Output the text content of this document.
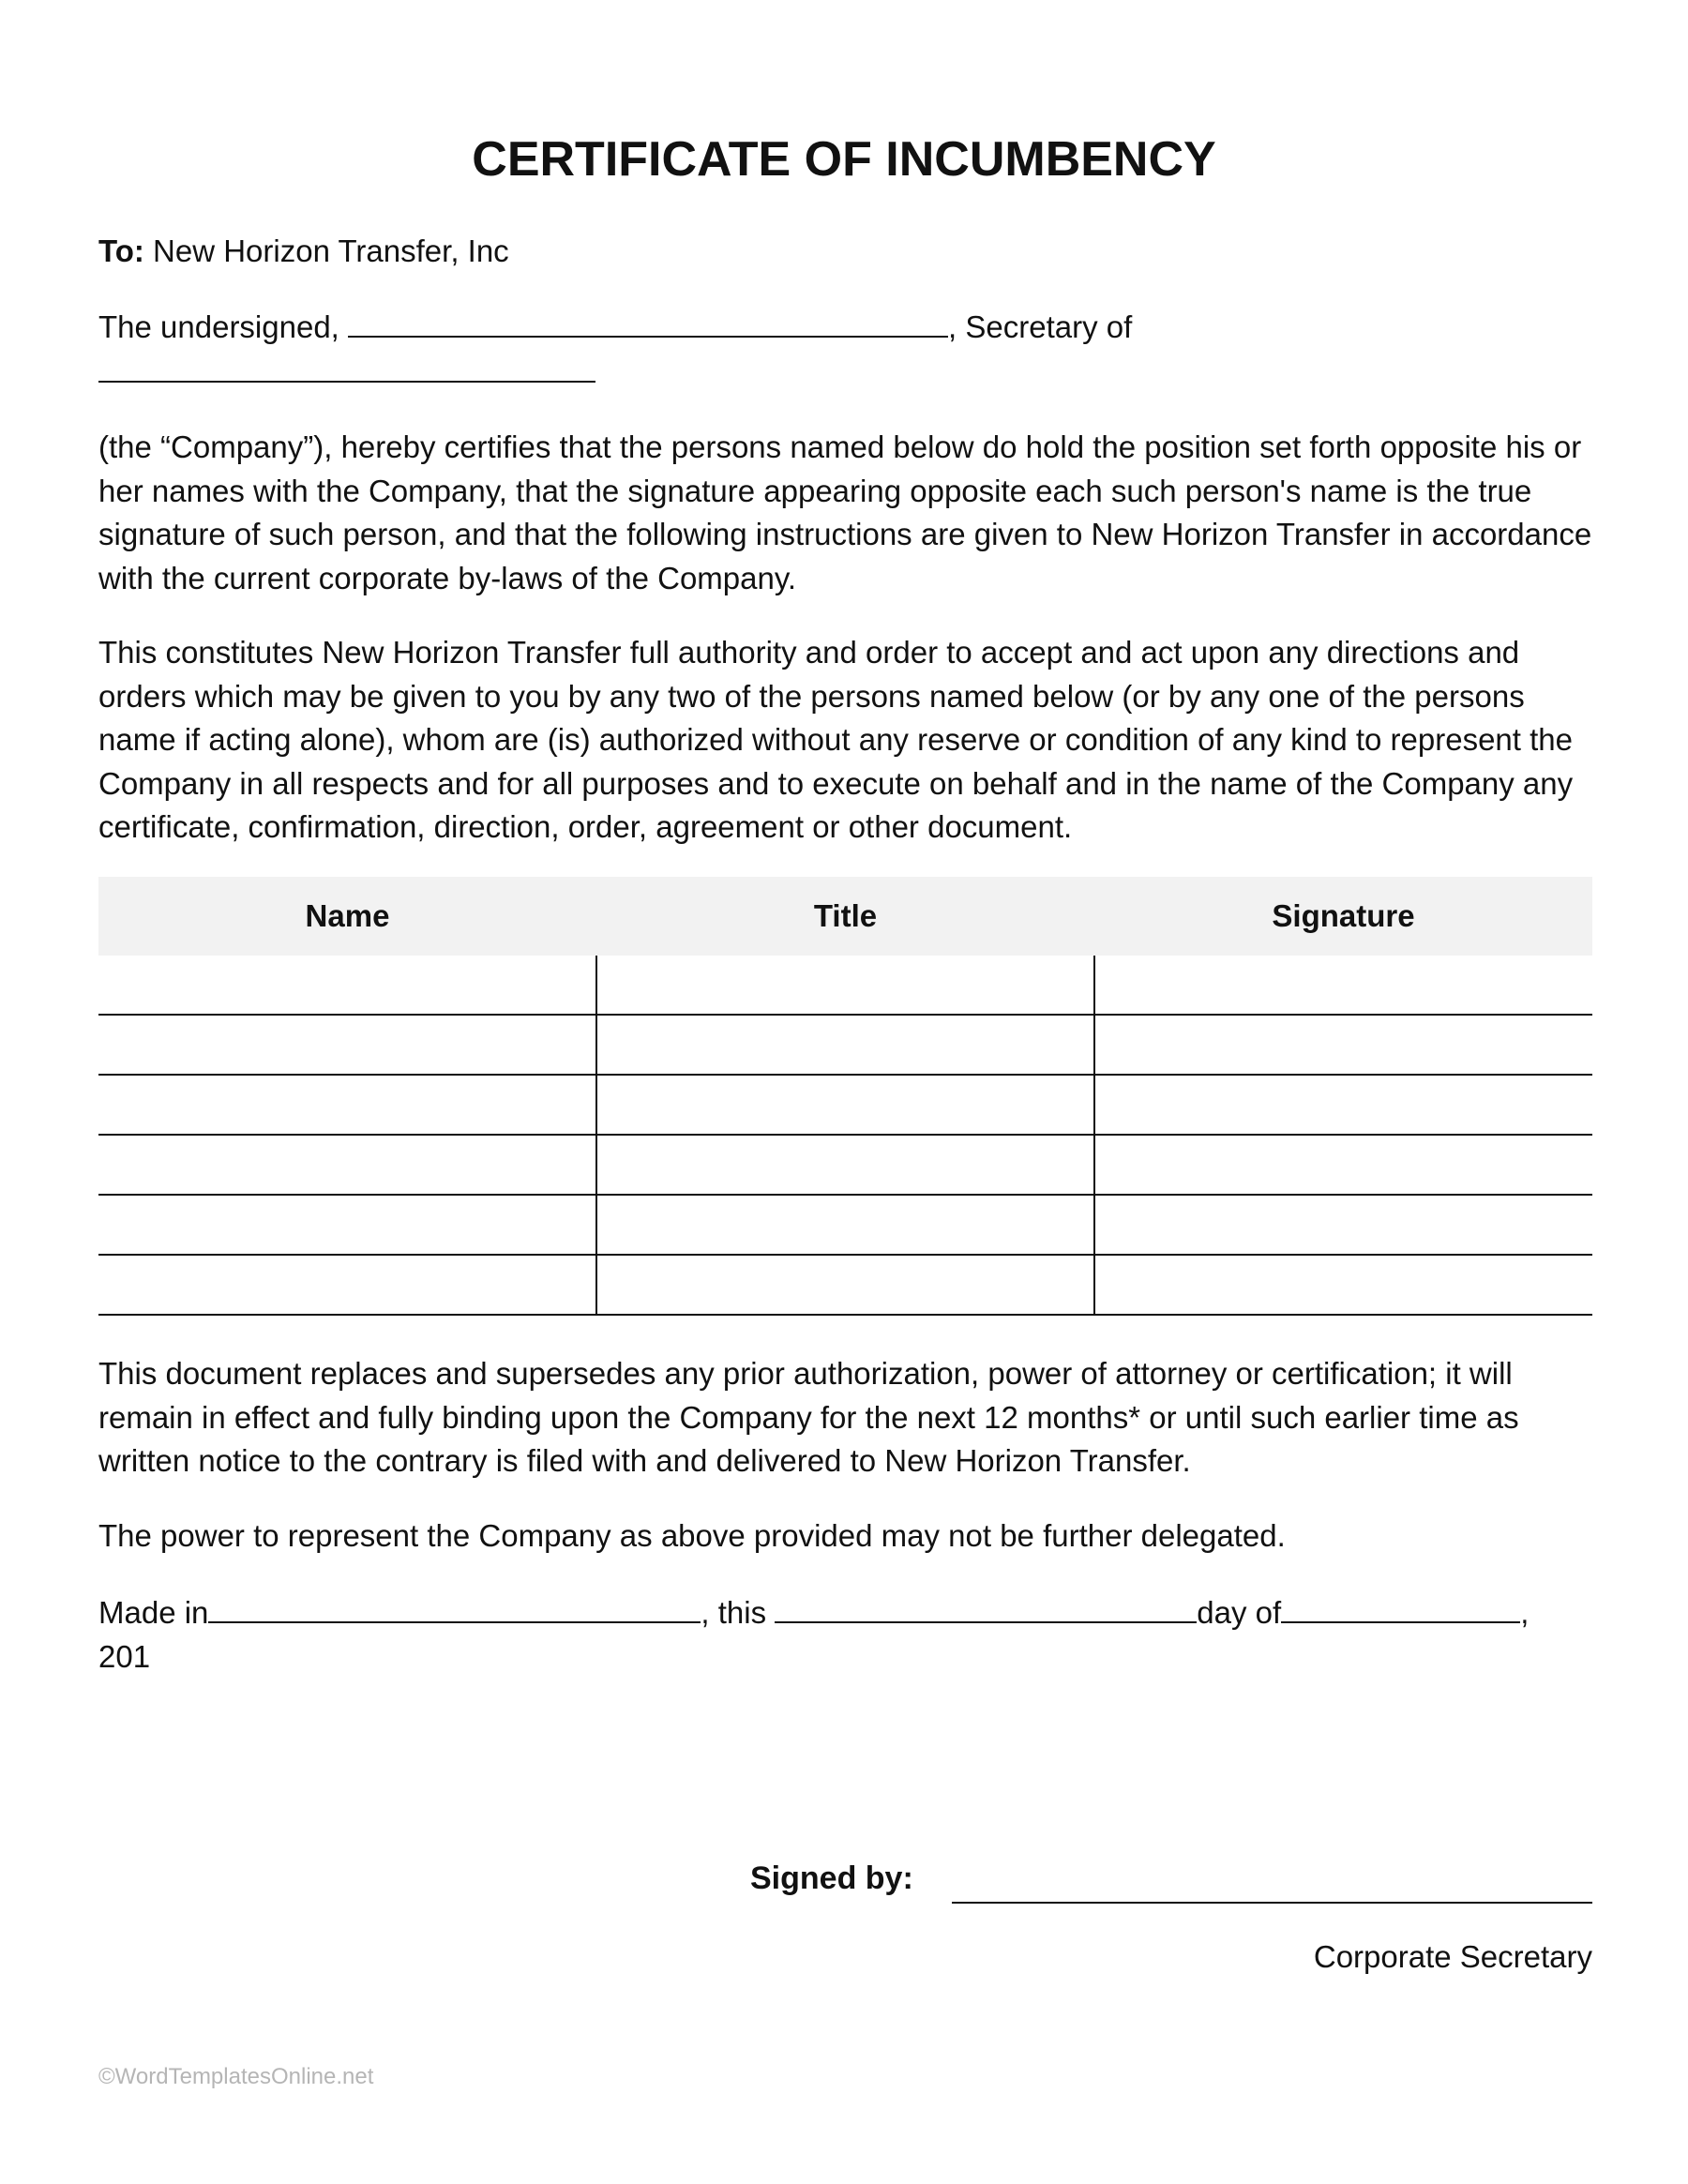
CERTIFICATE OF INCUMBENCY
To: New Horizon Transfer, Inc
The undersigned,	, Secretary of

(the “Company”), hereby certifies that the persons named below do hold the position set forth opposite his or her names with the Company, that the signature appearing opposite each such person's name is the true signature of such person, and that the following instructions are given to New Horizon Transfer in accordance with the current corporate by-laws of the Company.

This constitutes New Horizon Transfer full authority and order to accept and act upon any directions and orders which may be given to you by any two of the persons named below (or by any one of the persons name if acting alone), whom are (is) authorized without any reserve or condition of any kind to represent the Company in all respects and for all purposes and to execute on behalf and in the name of the Company any certificate, confirmation, direction, order, agreement or other document.

Name	Title	Signature

This document replaces and supersedes any prior authorization, power of attorney or certification; it will remain in effect and fully binding upon the Company for the next 12 months* or until such earlier time as written notice to the contrary is filed with and delivered to New Horizon Transfer.

The power to represent the Company as above provided may not be further delegated.

Made in	, this	day of	,
201
Signed by:
Corporate Secretary
©WordTemplatesOnline.net
